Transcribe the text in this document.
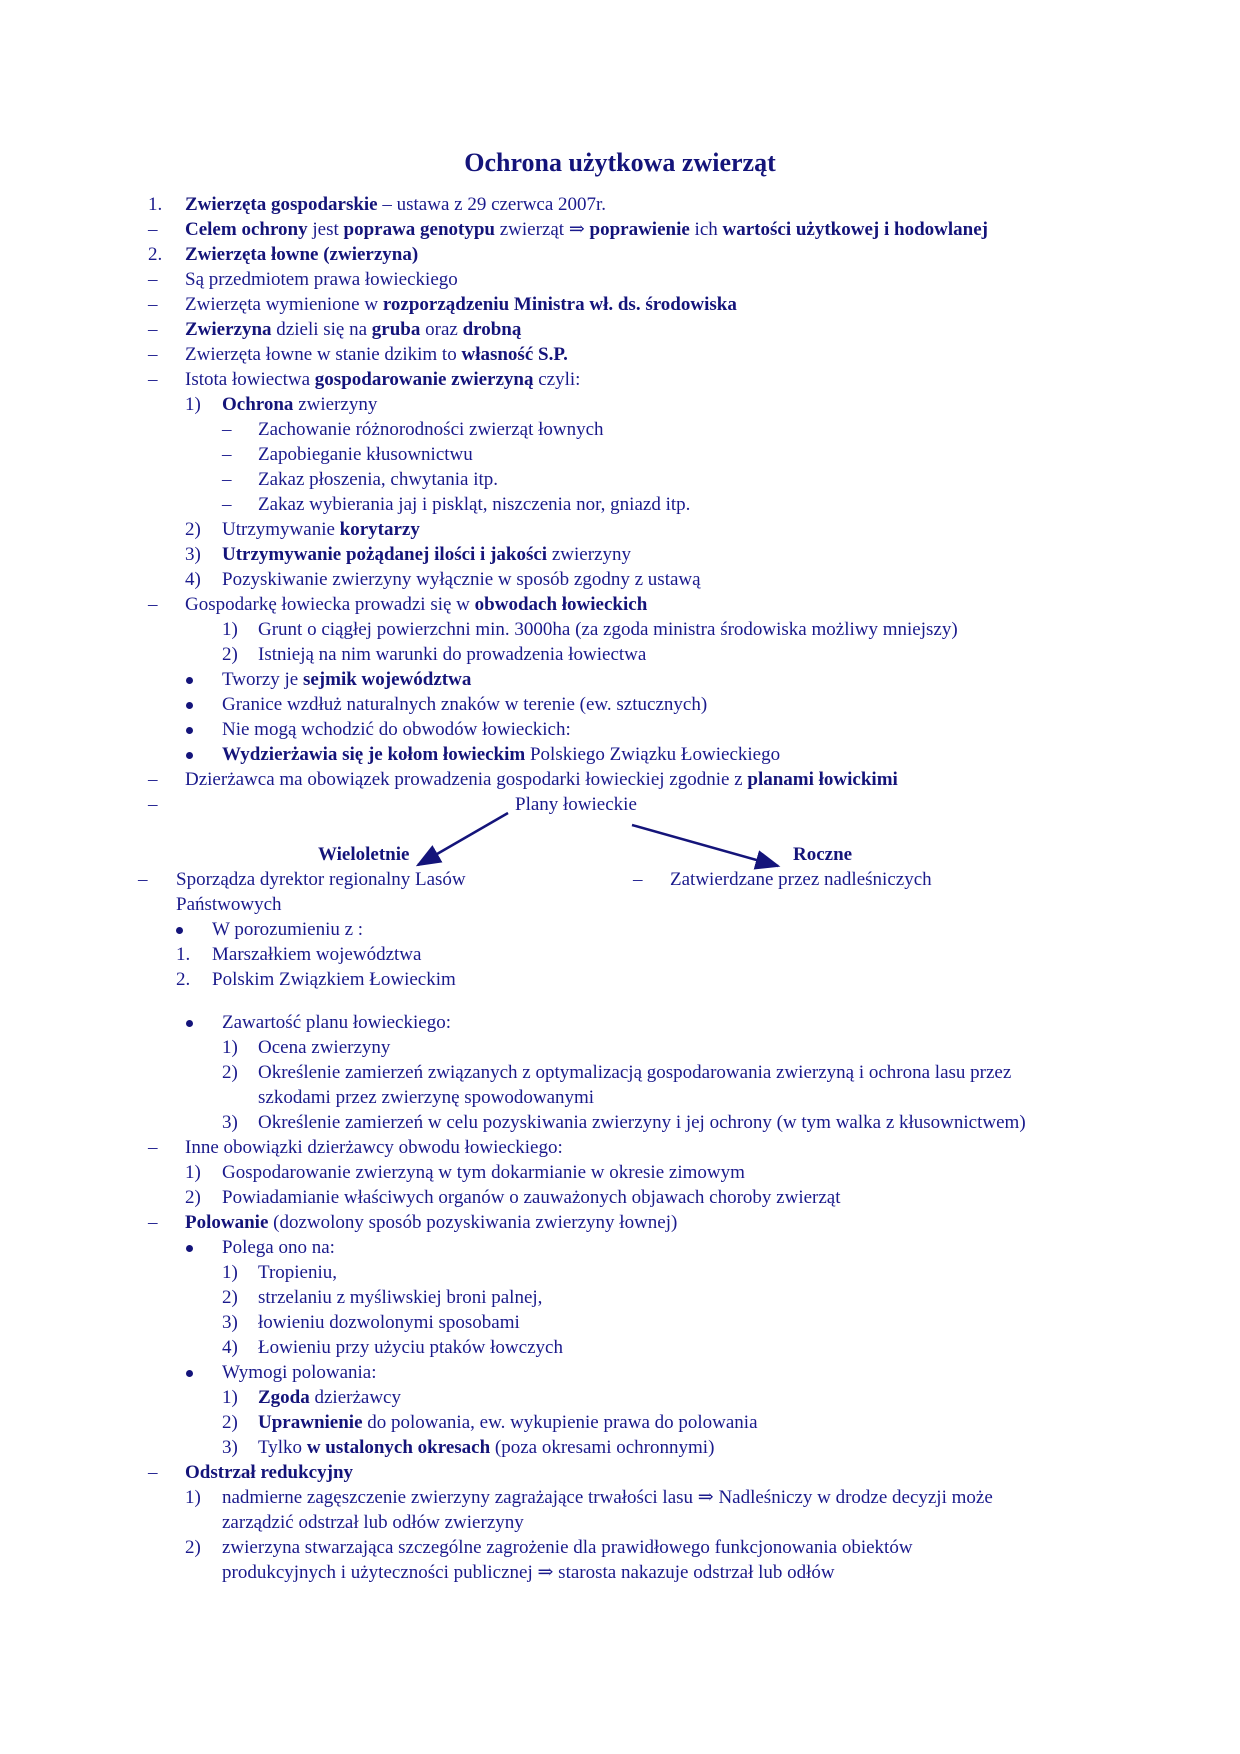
Ochrona użytkowa zwierząt
1. Zwierzęta gospodarskie – ustawa z 29 czerwca 2007r.
– Celem ochrony jest poprawa genotypu zwierząt ⇒ poprawienie ich wartości użytkowej i hodowlanej
2. Zwierzęta łowne (zwierzyna)
– Są przedmiotem prawa łowieckiego
– Zwierzęta wymienione w rozporządzeniu Ministra wł. ds. środowiska
– Zwierzyna dzieli się na gruba oraz drobną
– Zwierzęta łowne w stanie dzikim to własność S.P.
– Istota łowiectwa gospodarowanie zwierzyną czyli:
1) Ochrona zwierzyny
– Zachowanie różnorodności zwierząt łownych
– Zapobieganie kłusownictwu
– Zakaz płoszenia, chwytania itp.
– Zakaz wybierania jaj i piskląt, niszczenia nor, gniazd itp.
2) Utrzymywanie korytarzy
3) Utrzymywanie pożądanej ilości i jakości zwierzyny
4) Pozyskiwanie zwierzyny wyłącznie w sposób zgodny z ustawą
– Gospodarkę łowiecka prowadzi się w obwodach łowieckich
1) Grunt o ciągłej powierzchni min. 3000ha (za zgoda ministra środowiska możliwy mniejszy)
2) Istnieją na nim warunki do prowadzenia łowiectwa
Tworzy je sejmik województwa
Granice wzdłuż naturalnych znaków w terenie (ew. sztucznych)
Nie mogą wchodzić do obwodów łowieckich:
Wydzierżawia się je kołom łowieckim Polskiego Związku Łowieckiego
– Dzierżawca ma obowiązek prowadzenia gospodarki łowieckiej zgodnie z planami łowickimi
–	Plany łowieckie
Wieloletnie	Roczne
– Sporządza dyrektor regionalny Lasów	– Zatwierdzane przez nadleśniczych
Państwowych
W porozumieniu z :
1. Marszałkiem województwa
2. Polskim Związkiem Łowieckim
Zawartość planu łowieckiego:
1) Ocena zwierzyny
2) Określenie zamierzeń związanych z optymalizacją gospodarowania zwierzyną i ochrona lasu przez
szkodami przez zwierzynę spowodowanymi
3) Określenie zamierzeń w celu pozyskiwania zwierzyny i jej ochrony (w tym walka z kłusownictwem)
– Inne obowiązki dzierżawcy obwodu łowieckiego:
1) Gospodarowanie zwierzyną w tym dokarmianie w okresie zimowym
2) Powiadamianie właściwych organów o zauważonych objawach choroby zwierząt
– Polowanie (dozwolony sposób pozyskiwania zwierzyny łownej)
Polega ono na:
1) Tropieniu,
2) strzelaniu z myśliwskiej broni palnej,
3) łowieniu dozwolonymi sposobami
4) Łowieniu przy użyciu ptaków łowczych
Wymogi polowania:
1) Zgoda dzierżawcy
2) Uprawnienie do polowania, ew. wykupienie prawa do polowania
3) Tylko w ustalonych okresach (poza okresami ochronnymi)
– Odstrzał redukcyjny
1) nadmierne zagęszczenie zwierzyny zagrażające trwałości lasu ⇒ Nadleśniczy w drodze decyzji może
zarządzić odstrzał lub odłów zwierzyny
2) zwierzyna stwarzająca szczególne zagrożenie dla prawidłowego funkcjonowania obiektów
produkcyjnych i użyteczności publicznej ⇒ starosta nakazuje odstrzał lub odłów
